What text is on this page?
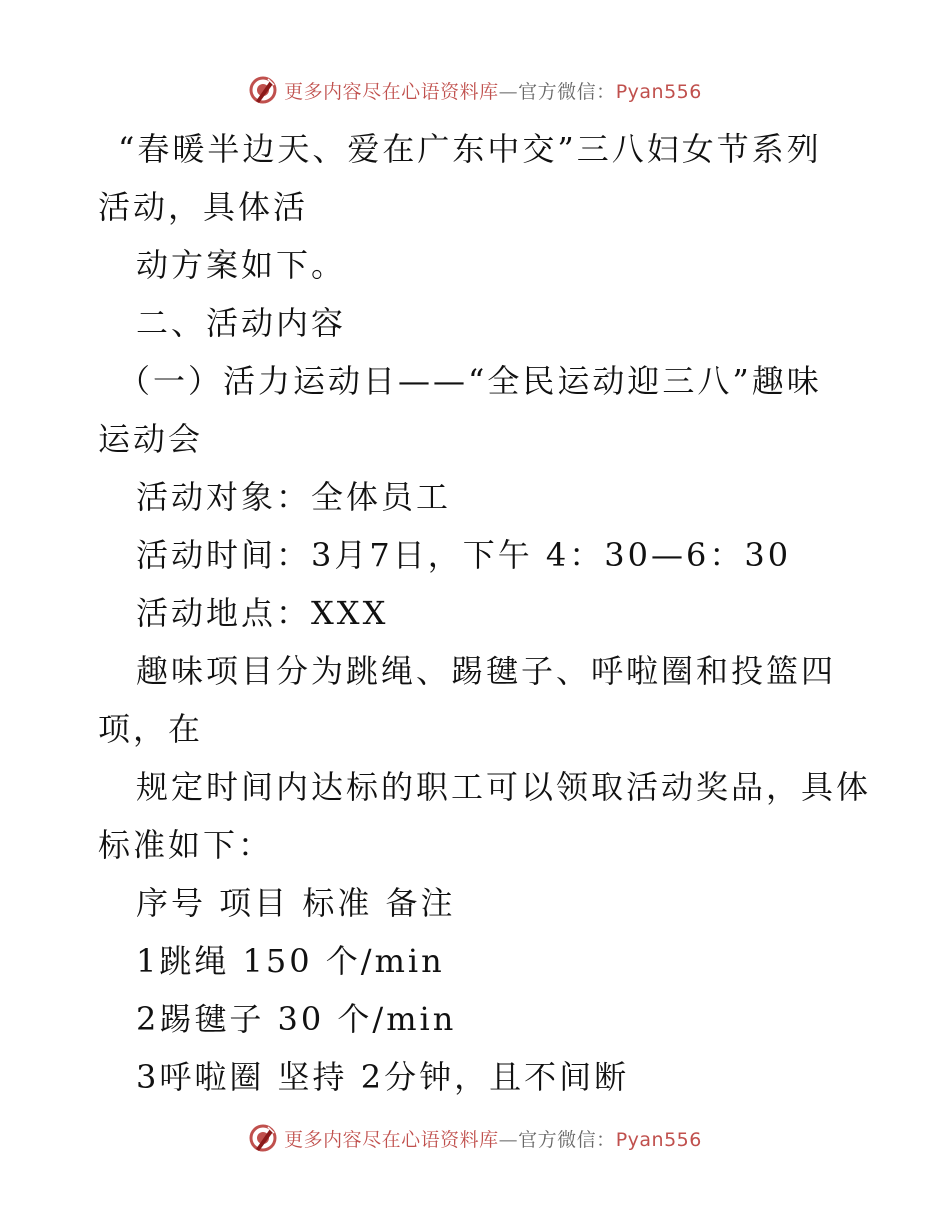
更多内容尽在心语资料库—官方微信：Pyan556
“春暖半边天、爱在广东中交”三八妇女节系列
活动，具体活
动方案如下。
二、活动内容
（一）活力运动日——“全民运动迎三八”趣味
运动会
活动对象：全体员工
活动时间：3月7日，下午 4：30—6：30
活动地点：XXX
趣味项目分为跳绳、踢毽子、呼啦圈和投篮四
项，在
规定时间内达标的职工可以领取活动奖品，具体
标准如下：
序号 项目 标准 备注
1跳绳 150 个/min
2踢毽子 30 个/min
3呼啦圈 坚持 2分钟，且不间断
更多内容尽在心语资料库—官方微信：Pyan556
